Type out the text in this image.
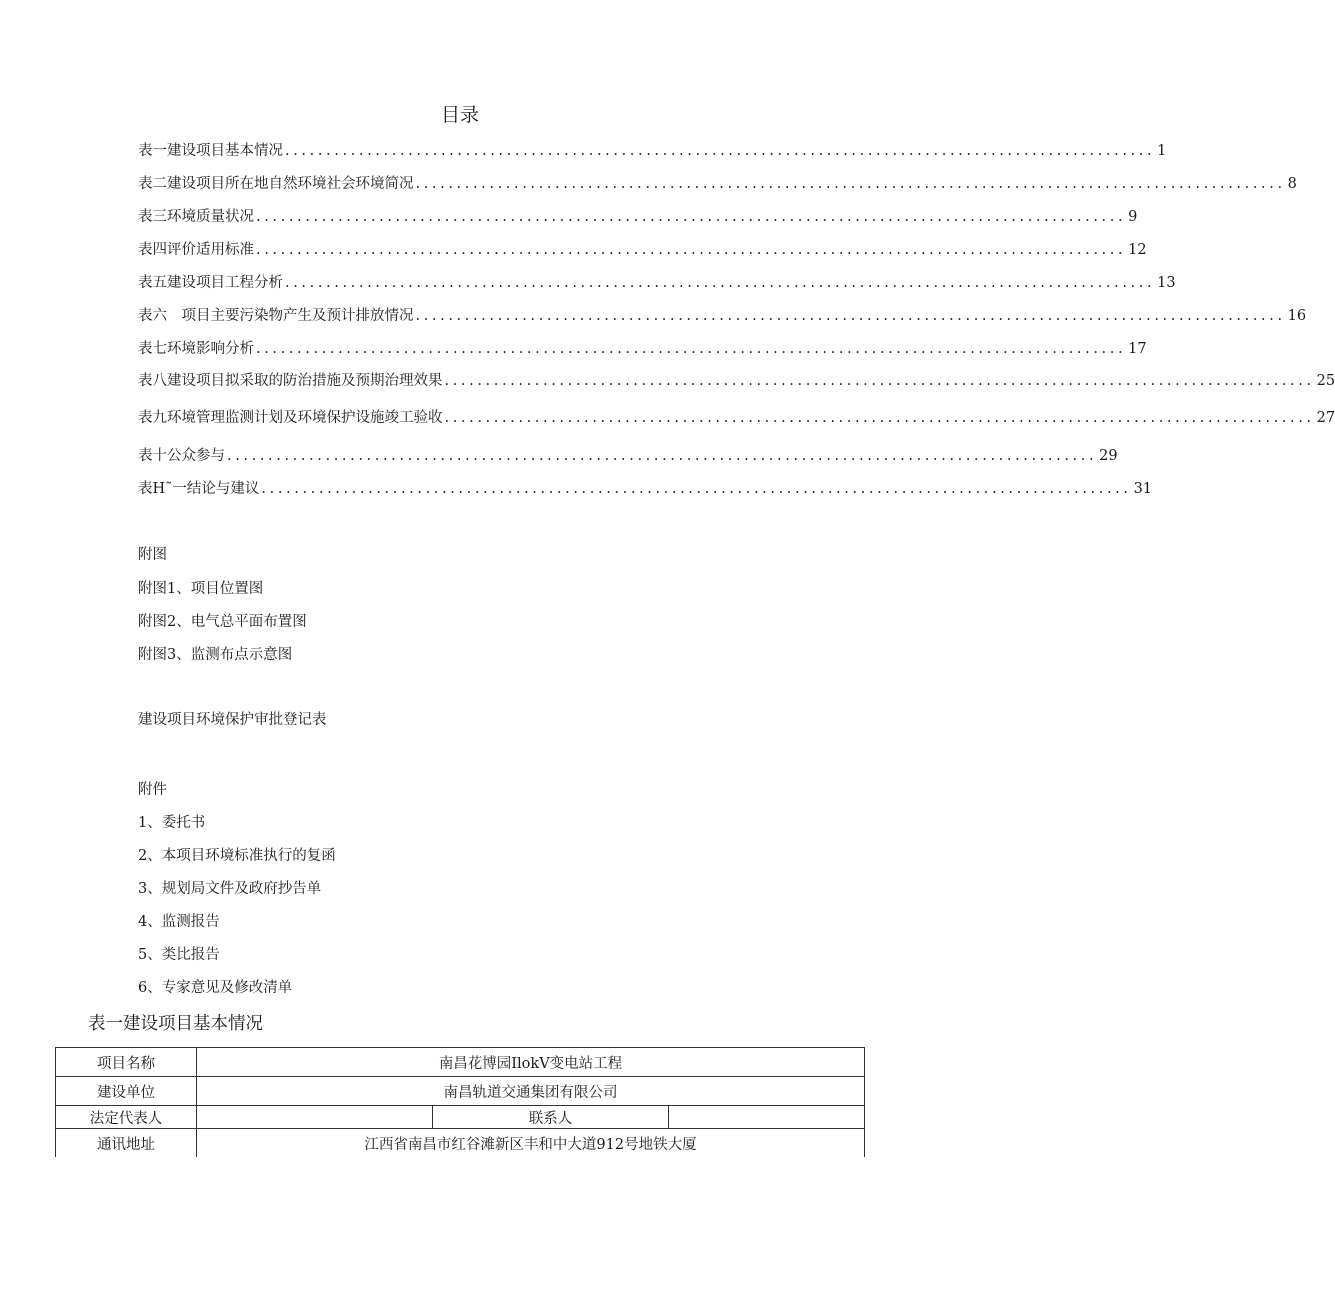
目录
表一建设项目基本情况 .......................................................................................................... 1
表二建设项目所在地自然环境社会环境简况 .......................................................................................................... 8
表三环境质量状况 .......................................................................................................... 9
表四评价适用标准 .......................................................................................................... 12
表五建设项目工程分析 .......................................................................................................... 13
表六　项目主要污染物产生及预计排放情况 .......................................................................................................... 16
表七环境影响分析 .......................................................................................................... 17
表八建设项目拟采取的防治措施及预期治理效果 .......................................................................................................... 25
表九环境管理监测计划及环境保护设施竣工验收 .......................................................................................................... 27
表十公众参与 .......................................................................................................... 29
表H˜一结论与建议 .......................................................................................................... 31
附图
附图1、项目位置图
附图2、电气总平面布置图
附图3、监测布点示意图
建设项目环境保护审批登记表
附件
1、委托书
2、本项目环境标准执行的复函
3、规划局文件及政府抄告单
4、监测报告
5、类比报告
6、专家意见及修改清单
表一建设项目基本情况
项目名称	南昌花博园IlokV变电站工程		
建设单位	南昌轨道交通集团有限公司		
法定代表人		联系人	
通讯地址	江西省南昌市红谷滩新区丰和中大道912号地铁大厦		
